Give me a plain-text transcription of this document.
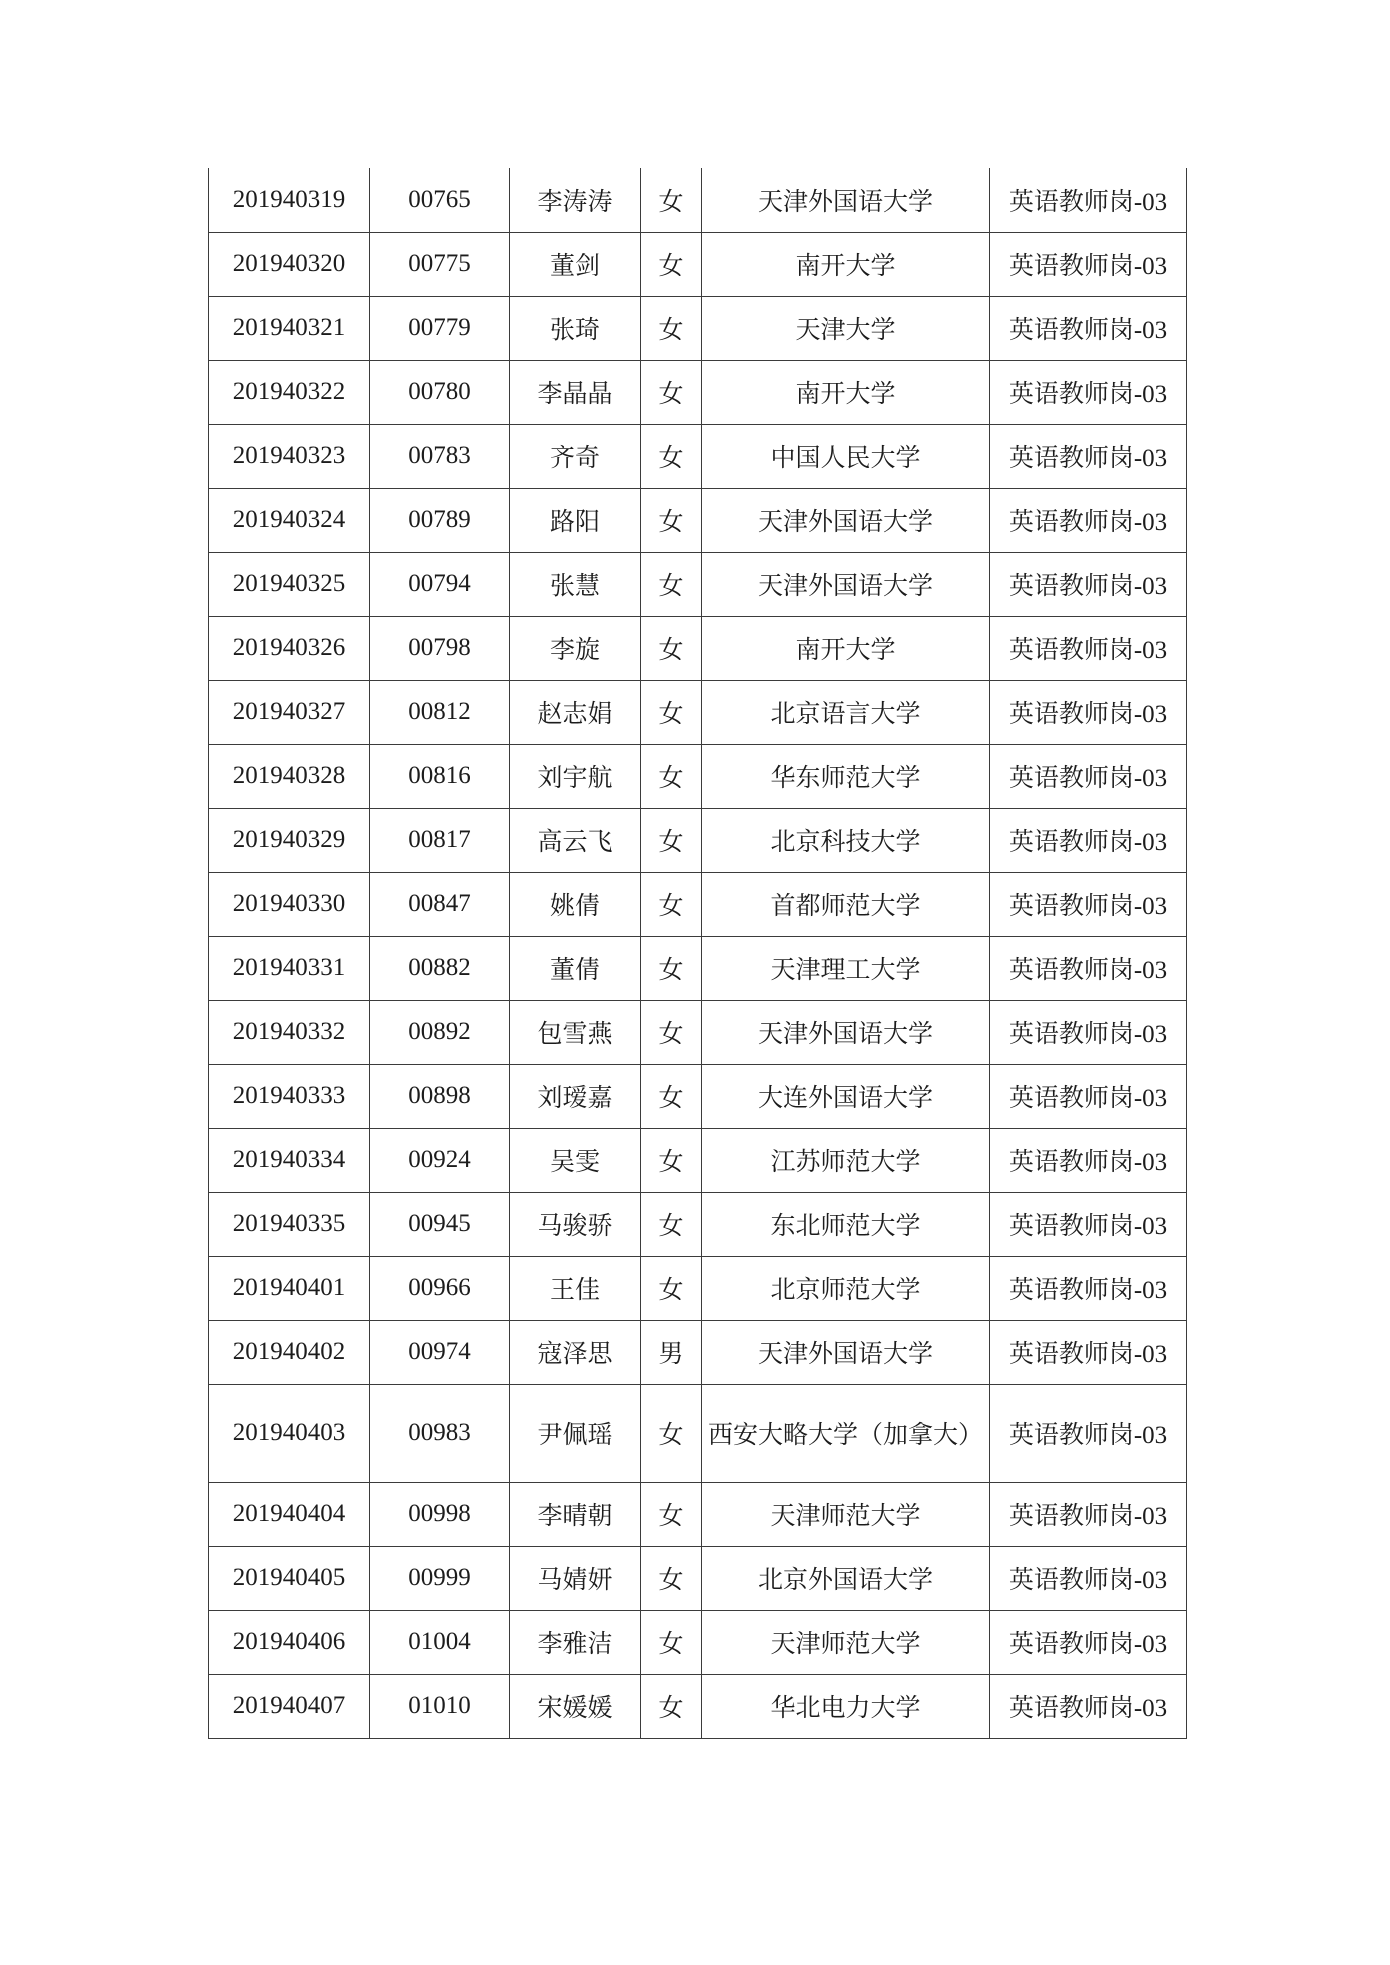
201940319	00765	李涛涛	女	天津外国语大学	英语教师岗-03
201940320	00775	董剑	女	南开大学	英语教师岗-03
201940321	00779	张琦	女	天津大学	英语教师岗-03
201940322	00780	李晶晶	女	南开大学	英语教师岗-03
201940323	00783	齐奇	女	中国人民大学	英语教师岗-03
201940324	00789	路阳	女	天津外国语大学	英语教师岗-03
201940325	00794	张慧	女	天津外国语大学	英语教师岗-03
201940326	00798	李旋	女	南开大学	英语教师岗-03
201940327	00812	赵志娟	女	北京语言大学	英语教师岗-03
201940328	00816	刘宇航	女	华东师范大学	英语教师岗-03
201940329	00817	高云飞	女	北京科技大学	英语教师岗-03
201940330	00847	姚倩	女	首都师范大学	英语教师岗-03
201940331	00882	董倩	女	天津理工大学	英语教师岗-03
201940332	00892	包雪燕	女	天津外国语大学	英语教师岗-03
201940333	00898	刘瑷嘉	女	大连外国语大学	英语教师岗-03
201940334	00924	吴雯	女	江苏师范大学	英语教师岗-03
201940335	00945	马骏骄	女	东北师范大学	英语教师岗-03
201940401	00966	王佳	女	北京师范大学	英语教师岗-03
201940402	00974	寇泽思	男	天津外国语大学	英语教师岗-03
201940403	00983	尹佩瑶	女	西安大略大学（加拿大）	英语教师岗-03
201940404	00998	李晴朝	女	天津师范大学	英语教师岗-03
201940405	00999	马婧妍	女	北京外国语大学	英语教师岗-03
201940406	01004	李雅洁	女	天津师范大学	英语教师岗-03
201940407	01010	宋媛媛	女	华北电力大学	英语教师岗-03
